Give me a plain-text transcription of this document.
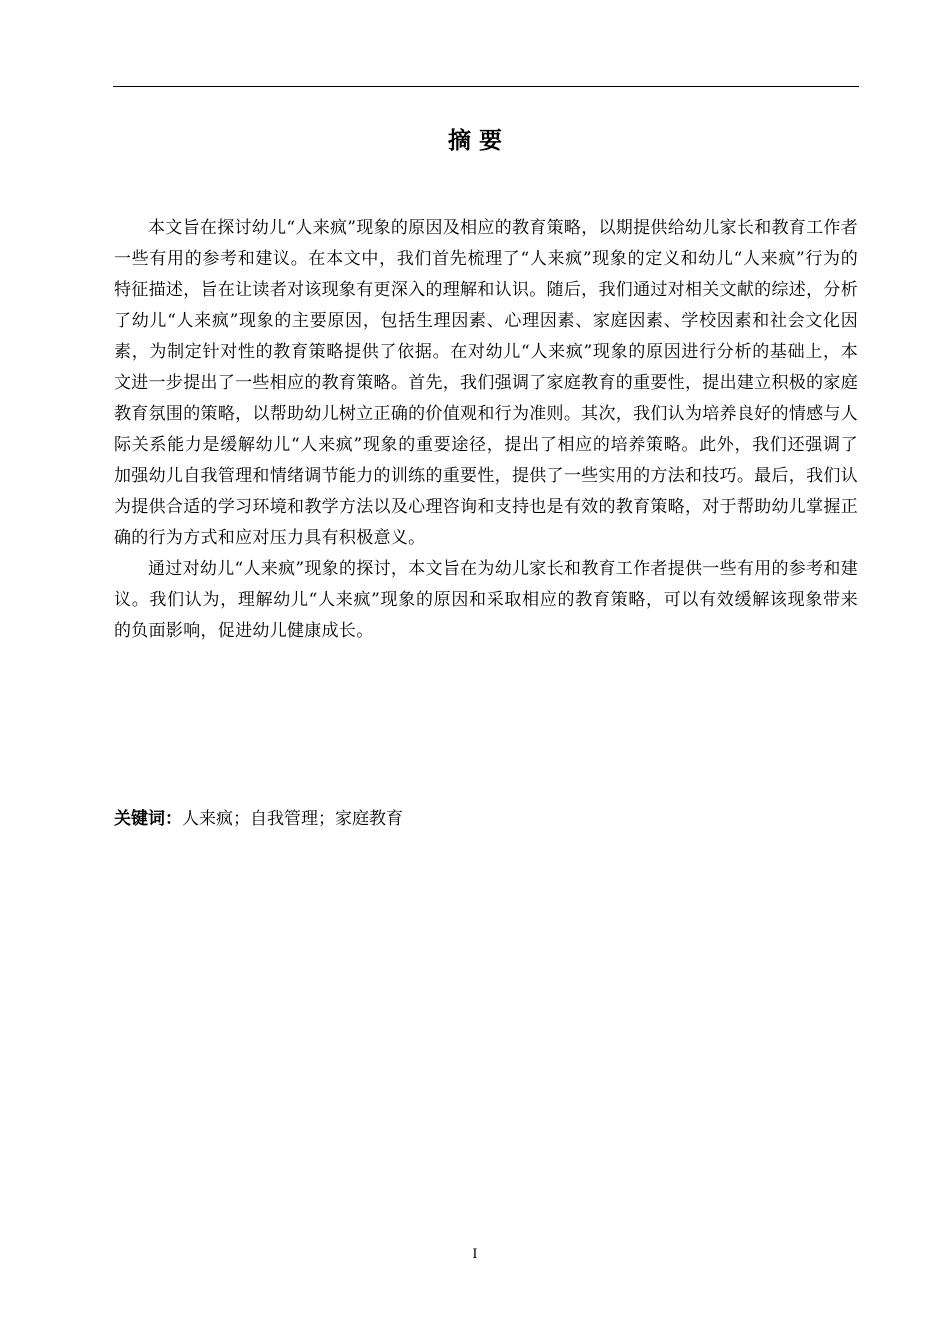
摘 要

本文旨在探讨幼儿“人来疯”现象的原因及相应的教育策略，以期提供给幼儿家长和教育工作者一些有用的参考和建议。在本文中，我们首先梳理了“人来疯”现象的定义和幼儿“人来疯”行为的特征描述，旨在让读者对该现象有更深入的理解和认识。随后，我们通过对相关文献的综述，分析了幼儿“人来疯”现象的主要原因，包括生理因素、心理因素、家庭因素、学校因素和社会文化因素，为制定针对性的教育策略提供了依据。在对幼儿“人来疯”现象的原因进行分析的基础上，本文进一步提出了一些相应的教育策略。首先，我们强调了家庭教育的重要性，提出建立积极的家庭教育氛围的策略，以帮助幼儿树立正确的价值观和行为准则。其次，我们认为培养良好的情感与人际关系能力是缓解幼儿“人来疯”现象的重要途径，提出了相应的培养策略。此外，我们还强调了加强幼儿自我管理和情绪调节能力的训练的重要性，提供了一些实用的方法和技巧。最后，我们认为提供合适的学习环境和教学方法以及心理咨询和支持也是有效的教育策略，对于帮助幼儿掌握正确的行为方式和应对压力具有积极意义。

通过对幼儿“人来疯”现象的探讨，本文旨在为幼儿家长和教育工作者提供一些有用的参考和建议。我们认为，理解幼儿“人来疯”现象的原因和采取相应的教育策略，可以有效缓解该现象带来的负面影响，促进幼儿健康成长。

关键词：人来疯；自我管理；家庭教育
I
